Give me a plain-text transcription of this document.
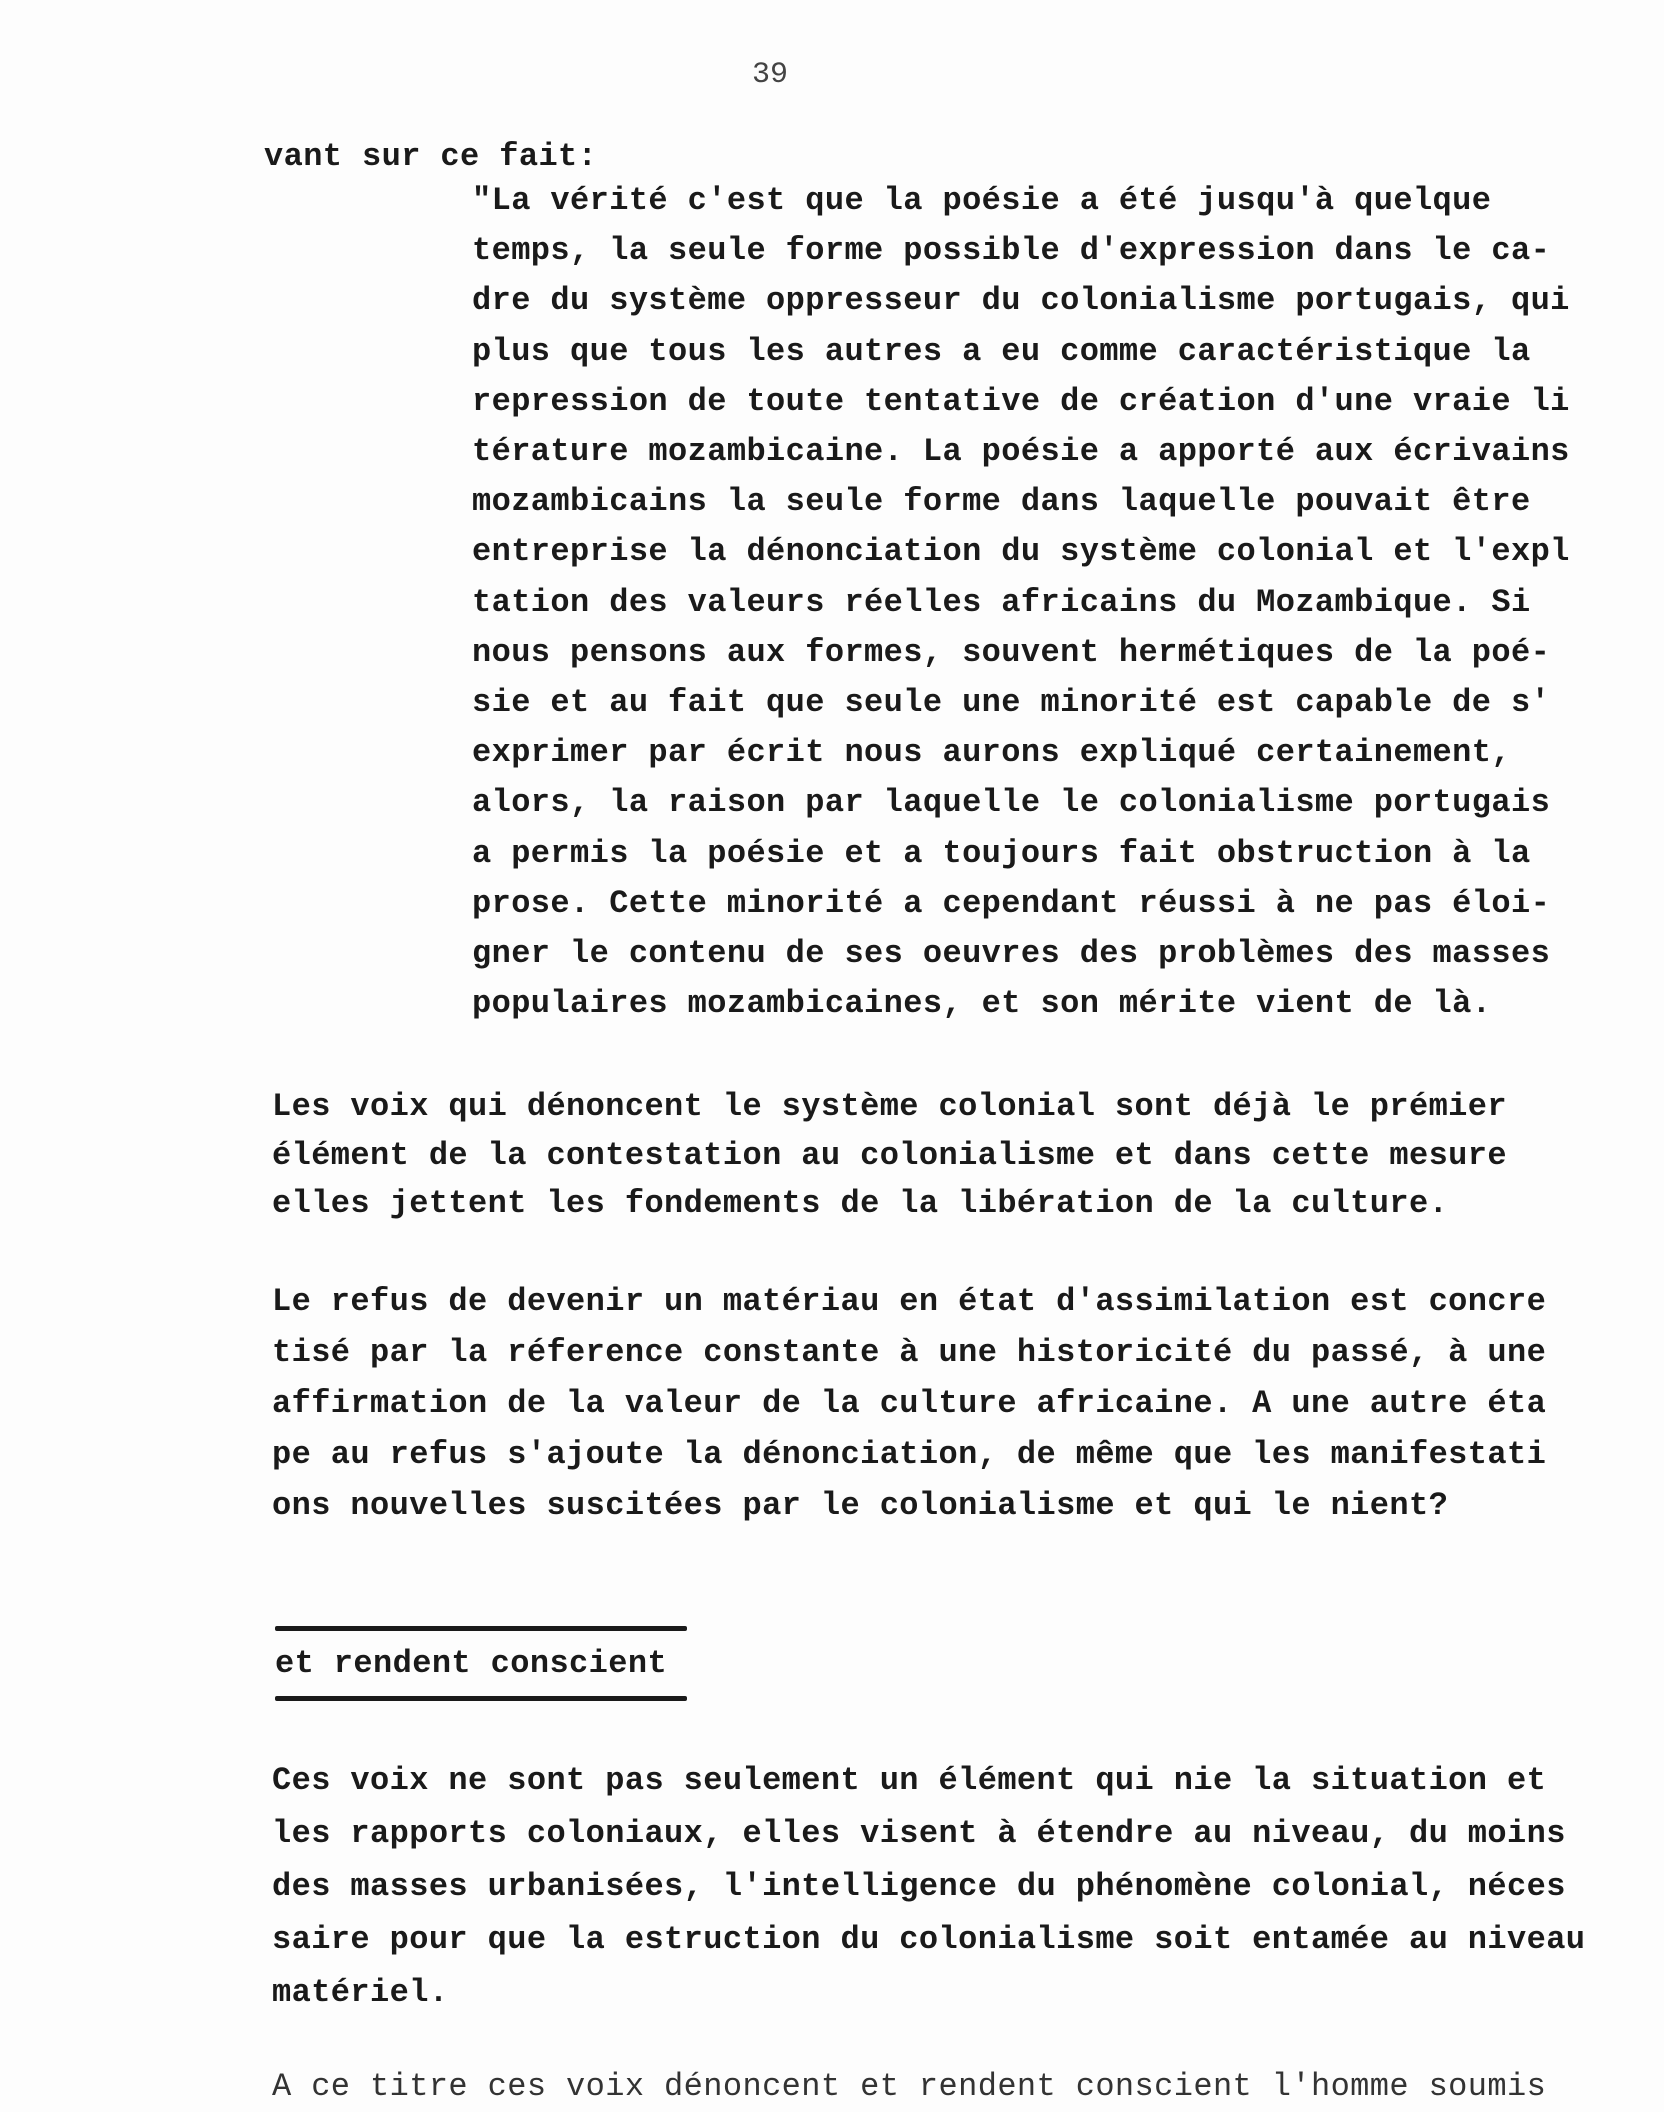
39
vant sur ce fait:
"La vérité c'est que la poésie a été jusqu'à quelque
temps, la seule forme possible d'expression dans le ca-
dre du système oppresseur du colonialisme portugais, qui
plus que tous les autres a eu comme caractéristique la
repression de toute tentative de création d'une vraie li
térature mozambicaine. La poésie a apporté aux écrivains
mozambicains la seule forme dans laquelle pouvait être
entreprise la dénonciation du système colonial et l'expl
tation des valeurs réelles africains du Mozambique. Si
nous pensons aux formes, souvent hermétiques de la poé-
sie et au fait que seule une minorité est capable de s'
exprimer par écrit nous aurons expliqué certainement,
alors, la raison par laquelle le colonialisme portugais
a permis la poésie et a toujours fait obstruction à la
prose. Cette minorité a cependant réussi à ne pas éloi-
gner le contenu de ses oeuvres des problèmes des masses
populaires mozambicaines, et son mérite vient de là.
Les voix qui dénoncent le système colonial sont déjà le prémier
élément de la contestation au colonialisme et dans cette mesure
elles jettent les fondements de la libération de la culture.
Le refus de devenir un matériau en état d'assimilation est concre
tisé par la réference constante à une historicité du passé, à une
affirmation de la valeur de la culture africaine. A une autre éta
pe au refus s'ajoute la dénonciation, de même que les manifestati
ons nouvelles suscitées par le colonialisme et qui le nient?
et rendent conscient
Ces voix ne sont pas seulement un élément qui nie la situation et
les rapports coloniaux, elles visent à étendre au niveau, du moins
des masses urbanisées, l'intelligence du phénomène colonial, néces
saire pour que la estruction du colonialisme soit entamée au niveau
matériel.
A ce titre ces voix dénoncent et rendent conscient l'homme soumis
